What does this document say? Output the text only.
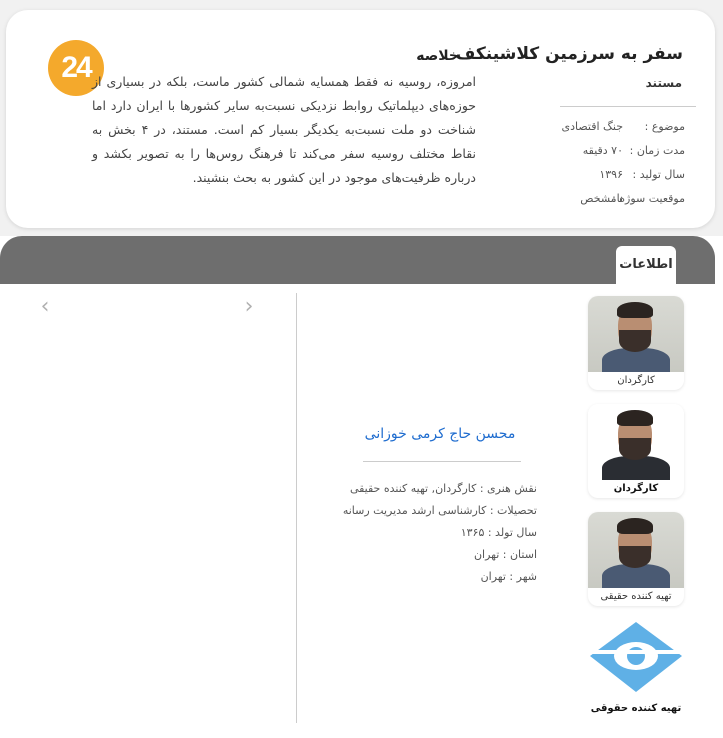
24	سفر به سرزمین کلاشینکف
مستند
موضوع :
جنگ اقتصادی
مدت زمان :
۷۰ دقیقه
سال تولید :
۱۳۹۶
موقعیت سوژه :
نامشخص
خلاصه
امروزه، روسیه نه فقط همسایه شمالی کشور ماست، بلکه در بسیاری از حوزه‌های دیپلماتیک روابط نزدیکی نسبت‌به سایر کشورها با ایران دارد اما شناخت دو ملت نسبت‌به یکدیگر بسیار کم است. مستند، در ۴ بخش به نقاط مختلف روسیه سفر می‌کند تا فرهنگ روس‌ها را به تصویر بکشد و درباره ظرفیت‌های موجود در این کشور به بحث بنشیند.
اطلاعات
‹	›
محسن حاج کرمی خوزانی
نقش هنری : کارگردان, تهیه کننده حقیقی
تحصیلات : کارشناسی ارشد مدیریت رسانه
سال تولد : ۱۳۶۵
استان : تهران
شهر : تهران
کارگردان
کارگردان
تهیه کننده حقیقی
تهیه کننده حقوقی
